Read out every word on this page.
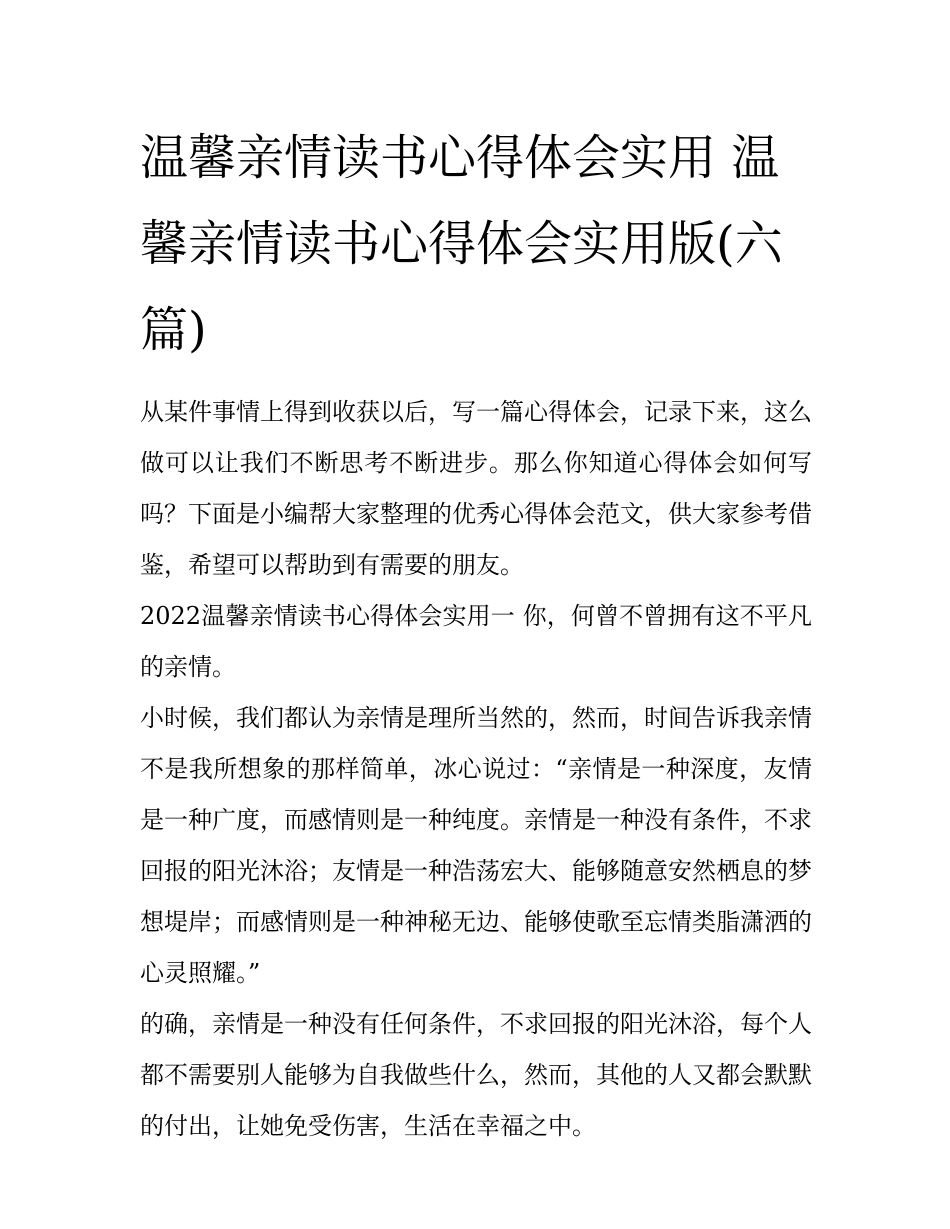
温馨亲情读书心得体会实用 温馨亲情读书心得体会实用版(六篇)

从某件事情上得到收获以后，写一篇心得体会，记录下来，这么做可以让我们不断思考不断进步。那么你知道心得体会如何写吗？下面是小编帮大家整理的优秀心得体会范文，供大家参考借鉴，希望可以帮助到有需要的朋友。

2022温馨亲情读书心得体会实用一 你，何曾不曾拥有这不平凡的亲情。

小时候，我们都认为亲情是理所当然的，然而，时间告诉我亲情不是我所想象的那样简单，冰心说过：“亲情是一种深度，友情是一种广度，而感情则是一种纯度。亲情是一种没有条件，不求回报的阳光沐浴；友情是一种浩荡宏大、能够随意安然栖息的梦想堤岸；而感情则是一种神秘无边、能够使歌至忘情类脂潇洒的心灵照耀。”

的确，亲情是一种没有任何条件，不求回报的阳光沐浴，每个人都不需要别人能够为自我做些什么，然而，其他的人又都会默默的付出，让她免受伤害，生活在幸福之中。
